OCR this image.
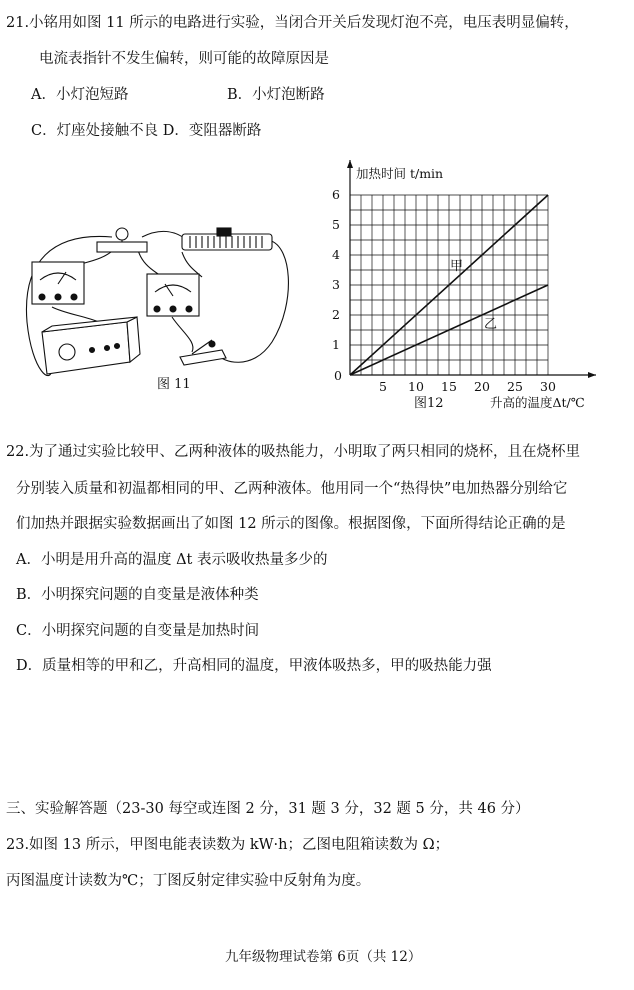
21.小铭用如图 11 所示的电路进行实验，当闭合开关后发现灯泡不亮，电压表明显偏转，
电流表指针不发生偏转，则可能的故障原因是
A．小灯泡短路	B．小灯泡断路
C．灯座处接触不良 D．变阻器断路
图 11	5 10 15 20 25 30
1
2
3
4
5
6
加热时间 t/min
0
甲
乙
图12	升高的温度Δt/℃
22.为了通过实验比较甲、乙两种液体的吸热能力，小明取了两只相同的烧杯，且在烧杯里
分别装入质量和初温都相同的甲、乙两种液体。他用同一个“热得快”电加热器分别给它
们加热并跟据实验数据画出了如图 12 所示的图像。根据图像，下面所得结论正确的是
A．小明是用升高的温度 Δt 表示吸收热量多少的
B．小明探究问题的自变量是液体种类
C．小明探究问题的自变量是加热时间
D．质量相等的甲和乙，升高相同的温度，甲液体吸热多，甲的吸热能力强
三、实验解答题（23-30 每空或连图 2 分，31 题 3 分，32 题 5 分，共 46 分）
23.如图 13 所示，甲图电能表读数为 kW·h；乙图电阻箱读数为 Ω；
丙图温度计读数为℃；丁图反射定律实验中反射角为度。
九年级物理试卷第 6页（共 12）
